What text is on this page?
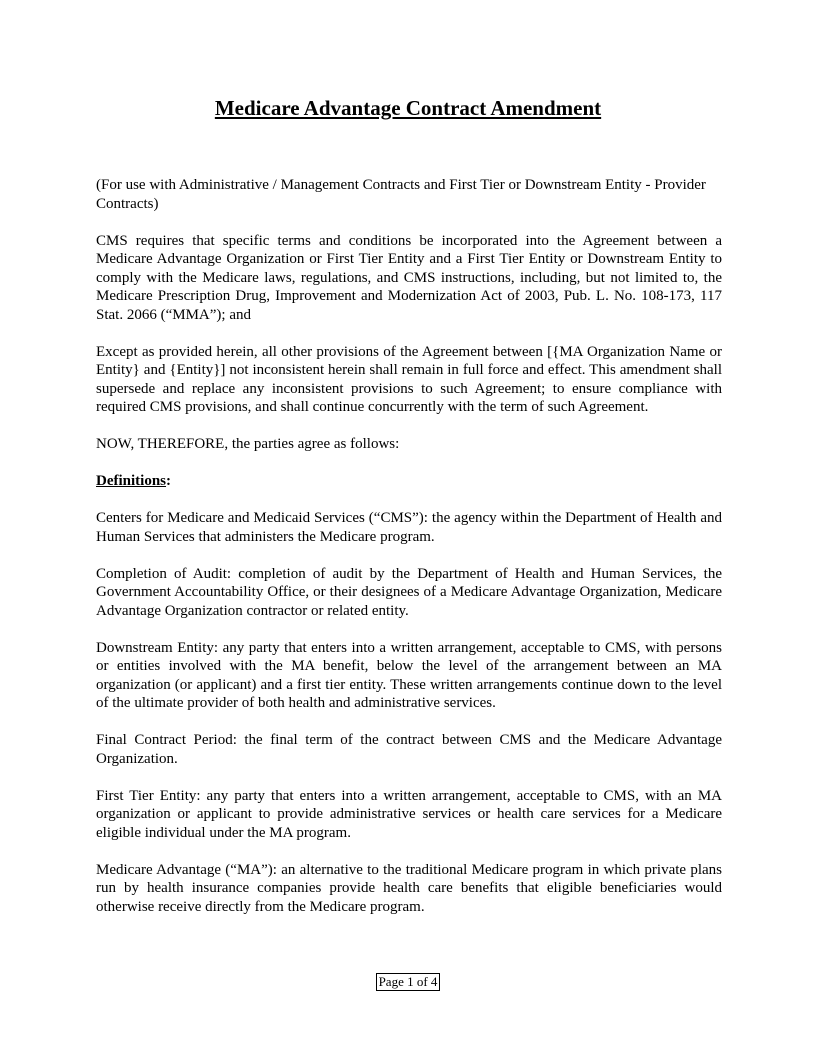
Medicare Advantage Contract Amendment

(For use with Administrative / Management Contracts and First Tier or Downstream Entity - Provider Contracts)

CMS requires that specific terms and conditions be incorporated into the Agreement between a Medicare Advantage Organization or First Tier Entity and a First Tier Entity or Downstream Entity to comply with the Medicare laws, regulations, and CMS instructions, including, but not limited to, the Medicare Prescription Drug, Improvement and Modernization Act of 2003, Pub. L. No. 108-173, 117 Stat. 2066 (“MMA”); and

Except as provided herein, all other provisions of the Agreement between [{MA Organization Name or Entity} and {Entity}] not inconsistent herein shall remain in full force and effect. This amendment shall supersede and replace any inconsistent provisions to such Agreement; to ensure compliance with required CMS provisions, and shall continue concurrently with the term of such Agreement.

NOW, THEREFORE, the parties agree as follows:

Definitions:

Centers for Medicare and Medicaid Services (“CMS”): the agency within the Department of Health and Human Services that administers the Medicare program.

Completion of Audit: completion of audit by the Department of Health and Human Services, the Government Accountability Office, or their designees of a Medicare Advantage Organization, Medicare Advantage Organization contractor or related entity.

Downstream Entity: any party that enters into a written arrangement, acceptable to CMS, with persons or entities involved with the MA benefit, below the level of the arrangement between an MA organization (or applicant) and a first tier entity. These written arrangements continue down to the level of the ultimate provider of both health and administrative services.

Final Contract Period: the final term of the contract between CMS and the Medicare Advantage Organization.

First Tier Entity: any party that enters into a written arrangement, acceptable to CMS, with an MA organization or applicant to provide administrative services or health care services for a Medicare eligible individual under the MA program.

Medicare Advantage (“MA”): an alternative to the traditional Medicare program in which private plans run by health insurance companies provide health care benefits that eligible beneficiaries would otherwise receive directly from the Medicare program.

Page 1 of 4
